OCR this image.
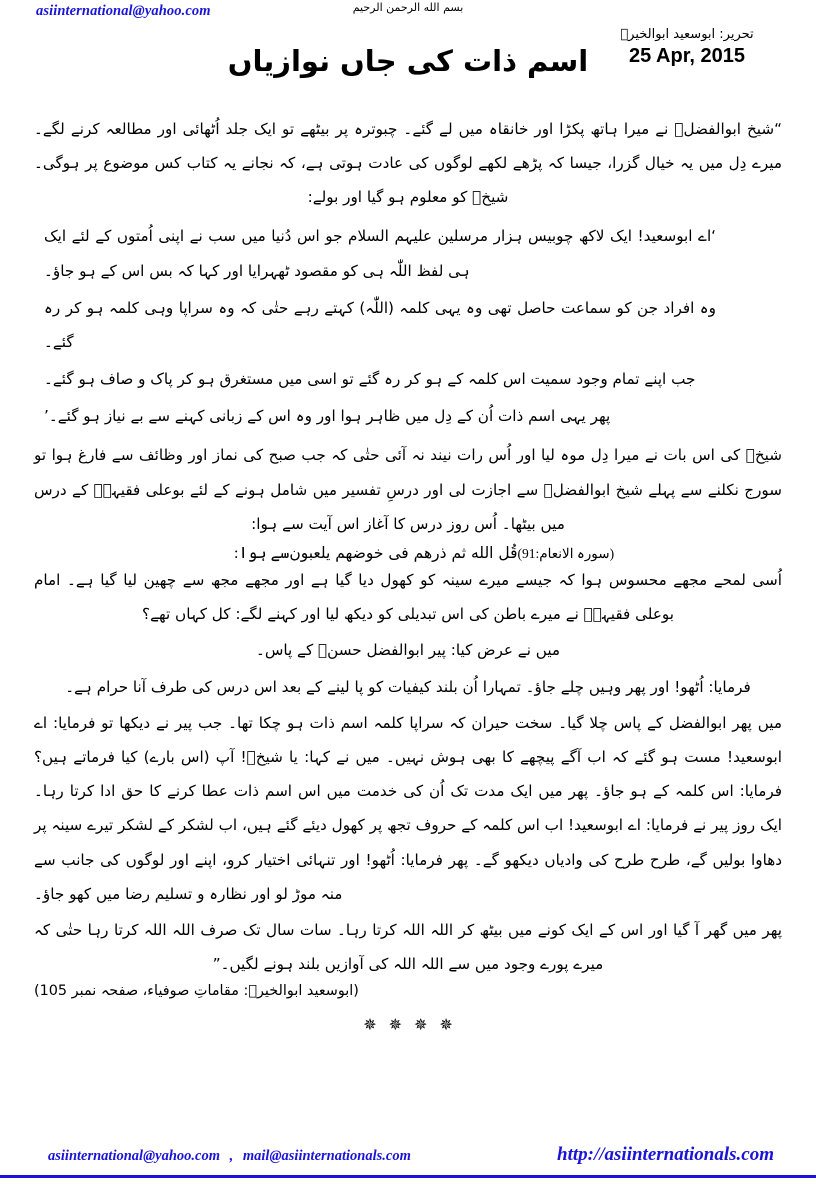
asiinternational@yahoo.com	بسم الله الرحمن الرحیم
اسم ذات کی جاں نوازیاں
تحریر: ابوسعید ابوالخیرؒ
25 Apr, 2015

“شیخ ابوالفضلؒ نے میرا ہاتھ پکڑا اور خانقاہ میں لے گئے۔ چبوترہ پر بیٹھے تو ایک جلد اُٹھائی اور مطالعہ کرنے لگے۔ میرے دِل میں یہ خیال گزرا، جیسا کہ پڑھے لکھے لوگوں کی عادت ہوتی ہے، کہ نجانے یہ کتاب کس موضوع پر ہوگی۔ شیخؒ کو معلوم ہو گیا اور بولے:

‘اے ابوسعید! ایک لاکھ چوبیس ہزار مرسلین علیہم السلام جو اس دُنیا میں سب نے اپنی اُمتوں کے لئے ایک ہی لفظ اللّٰہ ہی کو مقصود ٹھہرایا اور کہا کہ بس اس کے ہو جاؤ۔

وہ افراد جن کو سماعت حاصل تھی وہ یہی کلمہ (اللّٰہ) کہتے رہے حتٰی کہ وہ سراپا وہی کلمہ ہو کر رہ گئے۔

جب اپنے تمام وجود سمیت اس کلمہ کے ہو کر رہ گئے تو اسی میں مستغرق ہو کر پاک و صاف ہو گئے۔

پھر یہی اسم ذات اُن کے دِل میں ظاہر ہوا اور وہ اس کے زبانی کہنے سے بے نیاز ہو گئے۔’

شیخؒ کی اس بات نے میرا دِل موہ لیا اور اُس رات نیند نہ آئی حتٰی کہ جب صبح کی نماز اور وظائف سے فارغ ہوا تو سورج نکلنے سے پہلے شیخ ابوالفضلؒ سے اجازت لی اور درسِ تفسیر میں شامل ہونے کے لئے بوعلی فقیہہؒ کے درس میں بیٹھا۔ اُس روز درس کا آغاز اس آیت سے ہوا:

سے ہوا: قُل الله ثم ذرهم فى خوضهم يلعبون (سورہ الانعام:91)

اُسی لمحے مجھے محسوس ہوا کہ جیسے میرے سینہ کو کھول دیا گیا ہے اور مجھے مجھ سے چھین لیا گیا ہے۔ امام بوعلی فقیہہؒ نے میرے باطن کی اس تبدیلی کو دیکھ لیا اور کہنے لگے: کل کہاں تھے؟

میں نے عرض کیا: پیر ابوالفضل حسنؒ کے پاس۔

فرمایا: اُٹھو! اور پھر وہیں چلے جاؤ۔ تمہارا اُن بلند کیفیات کو پا لینے کے بعد اس درس کی طرف آنا حرام ہے۔

میں پھر ابوالفضل کے پاس چلا گیا۔ سخت حیران کہ سراپا کلمہ اسم ذات ہو چکا تھا۔ جب پیر نے دیکھا تو فرمایا: اے ابوسعید! مست ہو گئے کہ اب آگے پیچھے کا بھی ہوش نہیں۔ میں نے کہا: یا شیخؒ! آپ (اس بارے) کیا فرماتے ہیں؟ فرمایا: اس کلمہ کے ہو جاؤ۔ پھر میں ایک مدت تک اُن کی خدمت میں اس اسم ذات عطا کرنے کا حق ادا کرتا رہا۔ ایک روز پیر نے فرمایا: اے ابوسعید! اب اس کلمہ کے حروف تجھ پر کھول دیئے گئے ہیں، اب لشکر کے لشکر تیرے سینہ پر دھاوا بولیں گے، طرح طرح کی وادیاں دیکھو گے۔ پھر فرمایا: اُٹھو! اور تنہائی اختیار کرو، اپنے اور لوگوں کی جانب سے منہ موڑ لو اور نظارہ و تسلیم رضا میں کھو جاؤ۔

پھر میں گھر آ گیا اور اس کے ایک کونے میں بیٹھ کر اللہ اللہ کرتا رہا۔ سات سال تک صرف اللہ اللہ کرتا رہا حتٰی کہ میرے پورے وجود میں سے اللہ اللہ کی آوازیں بلند ہونے لگیں۔”

(ابوسعید ابوالخیرؒ: مقاماتِ صوفیاء، صفحہ نمبر 105)
✵ ✵ ✵ ✵
asiinternational@yahoo.com , mail@asiinternationals.com	http://asiinternationals.com
